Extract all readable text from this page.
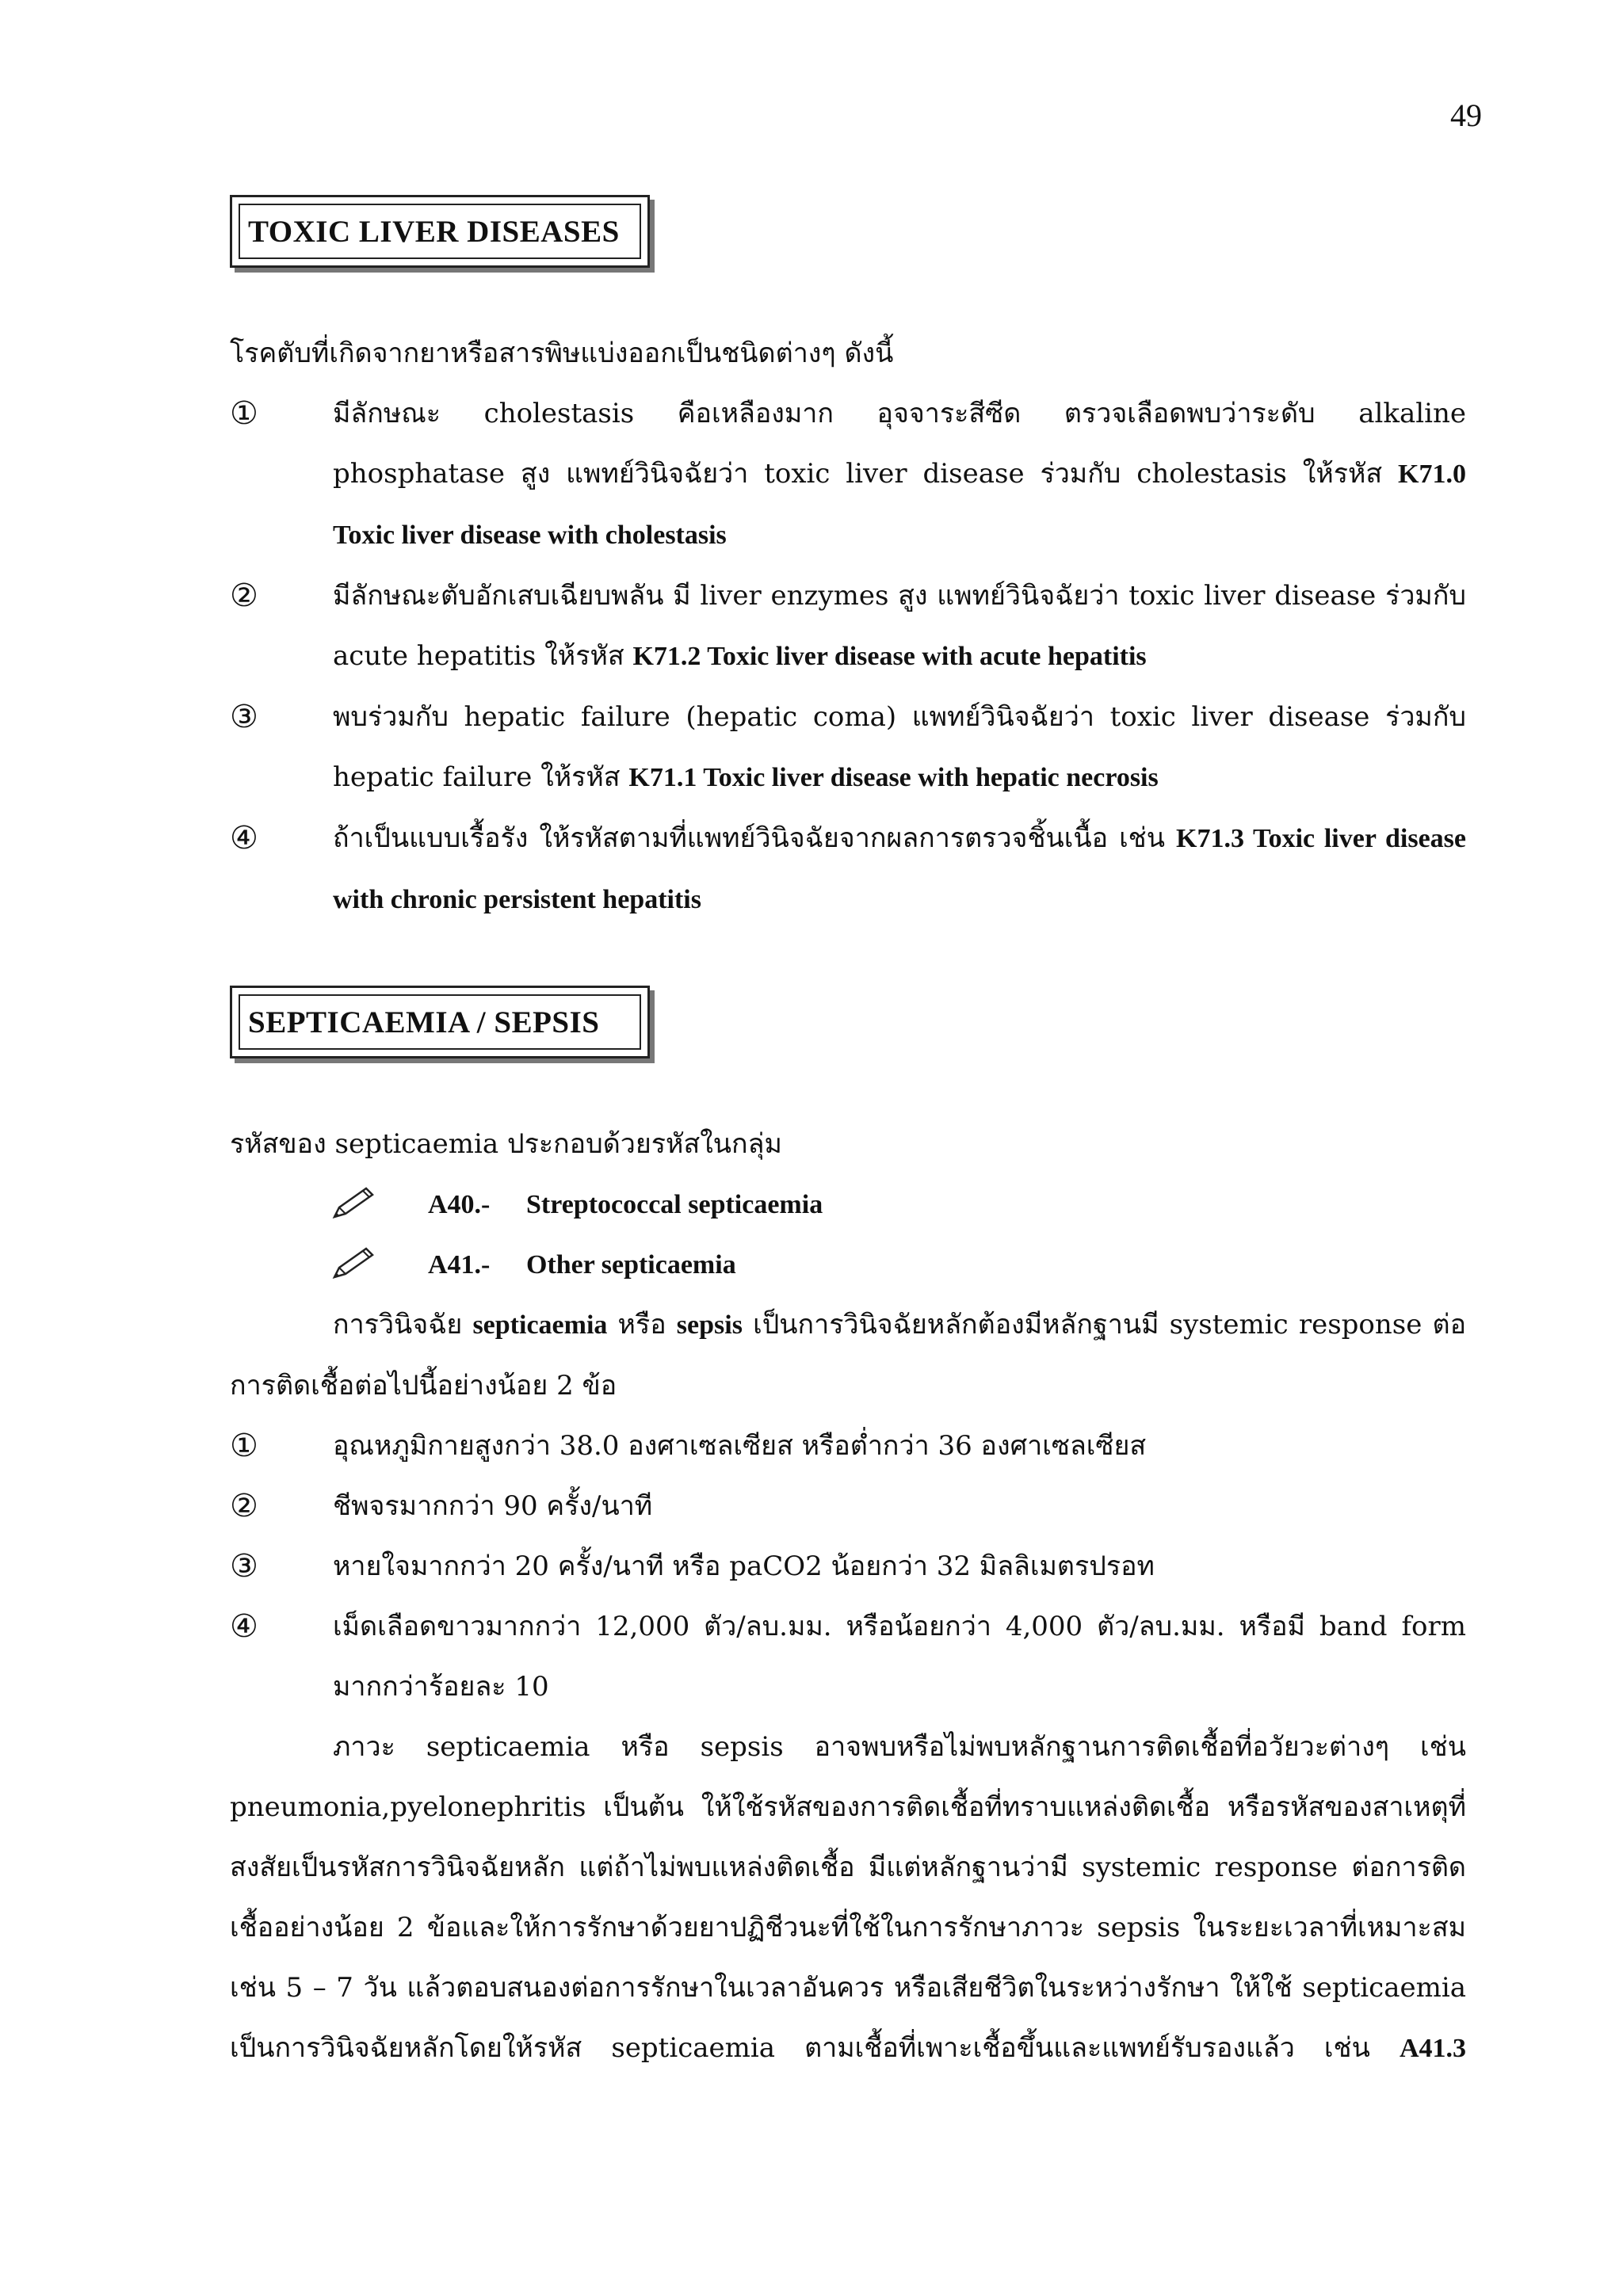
49
TOXIC LIVER DISEASES
โรคตับที่เกิดจากยาหรือสารพิษแบ่งออกเป็นชนิดต่างๆ ดังนี้
①	มีลักษณะ cholestasis คือเหลืองมาก อุจจาระสีซีด ตรวจเลือดพบว่าระดับ alkaline phosphatase สูง แพทย์วินิจฉัยว่า toxic liver disease ร่วมกับ cholestasis ให้รหัส K71.0 Toxic liver disease with cholestasis
②	มีลักษณะตับอักเสบเฉียบพลัน มี liver enzymes สูง แพทย์วินิจฉัยว่า toxic liver disease ร่วมกับ acute hepatitis ให้รหัส K71.2 Toxic liver disease with acute hepatitis
③	พบร่วมกับ hepatic failure (hepatic coma) แพทย์วินิจฉัยว่า toxic liver disease ร่วมกับ hepatic failure ให้รหัส K71.1 Toxic liver disease with hepatic necrosis
④	ถ้าเป็นแบบเรื้อรัง ให้รหัสตามที่แพทย์วินิจฉัยจากผลการตรวจชิ้นเนื้อ เช่น K71.3 Toxic liver disease with chronic persistent hepatitis
SEPTICAEMIA / SEPSIS
รหัสของ septicaemia ประกอบด้วยรหัสในกลุ่ม
A40.- Streptococcal septicaemia
A41.- Other septicaemia
การวินิจฉัย septicaemia หรือ sepsis เป็นการวินิจฉัยหลักต้องมีหลักฐานมี systemic response ต่อการติดเชื้อต่อไปนี้อย่างน้อย 2 ข้อ
①	อุณหภูมิกายสูงกว่า 38.0 องศาเซลเซียส หรือต่ำกว่า 36 องศาเซลเซียส
②	ชีพจรมากกว่า 90 ครั้ง/นาที
③	หายใจมากกว่า 20 ครั้ง/นาที หรือ paCO2 น้อยกว่า 32 มิลลิเมตรปรอท
④	เม็ดเลือดขาวมากกว่า 12,000 ตัว/ลบ.มม. หรือน้อยกว่า 4,000 ตัว/ลบ.มม. หรือมี band form มากกว่าร้อยละ 10
ภาวะ septicaemia หรือ sepsis อาจพบหรือไม่พบหลักฐานการติดเชื้อที่อวัยวะต่างๆ เช่น pneumonia,pyelonephritis เป็นต้น ให้ใช้รหัสของการติดเชื้อที่ทราบแหล่งติดเชื้อ หรือรหัสของสาเหตุที่สงสัยเป็นรหัสการวินิจฉัยหลัก แต่ถ้าไม่พบแหล่งติดเชื้อ มีแต่หลักฐานว่ามี systemic response ต่อการติดเชื้ออย่างน้อย 2 ข้อและให้การรักษาด้วยยาปฏิชีวนะที่ใช้ในการรักษาภาวะ sepsis ในระยะเวลาที่เหมาะสม เช่น 5 – 7 วัน แล้วตอบสนองต่อการรักษาในเวลาอันควร หรือเสียชีวิตในระหว่างรักษา ให้ใช้ septicaemia เป็นการวินิจฉัยหลักโดยให้รหัส septicaemia ตามเชื้อที่เพาะเชื้อขึ้นและแพทย์รับรองแล้ว เช่น A41.3
